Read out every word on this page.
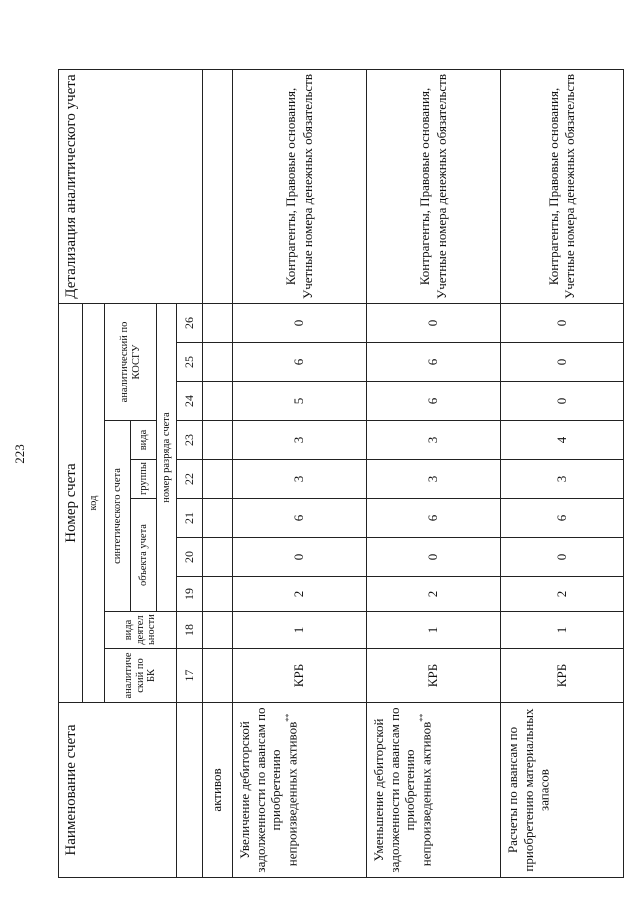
223
Наименование счета	Номер счета										Детализация аналитического учета
	код										
	аналитиче ский по БК	вида деятел ьности	синтетического счета					аналитический по КОСГУ			
			объекта учета			группы	вида				
			номер разряда счета								
	17	18	19	20	21	22	23	24	25	26	
активов											
Увеличение дебиторской задолженности по авансам по приобретению непроизведенных активов**	КРБ	1	2	0	6	3	3	5	6	0	Контрагенты, Правовые основания, Учетные номера денежных обязательств
Уменьшение дебиторской задолженности по авансам по приобретению непроизведенных активов**	КРБ	1	2	0	6	3	3	6	6	0	Контрагенты, Правовые основания, Учетные номера денежных обязательств
Расчеты по авансам по приобретению материальных запасов	КРБ	1	2	0	6	3	4	0	0	0	Контрагенты, Правовые основания, Учетные номера денежных обязательств
